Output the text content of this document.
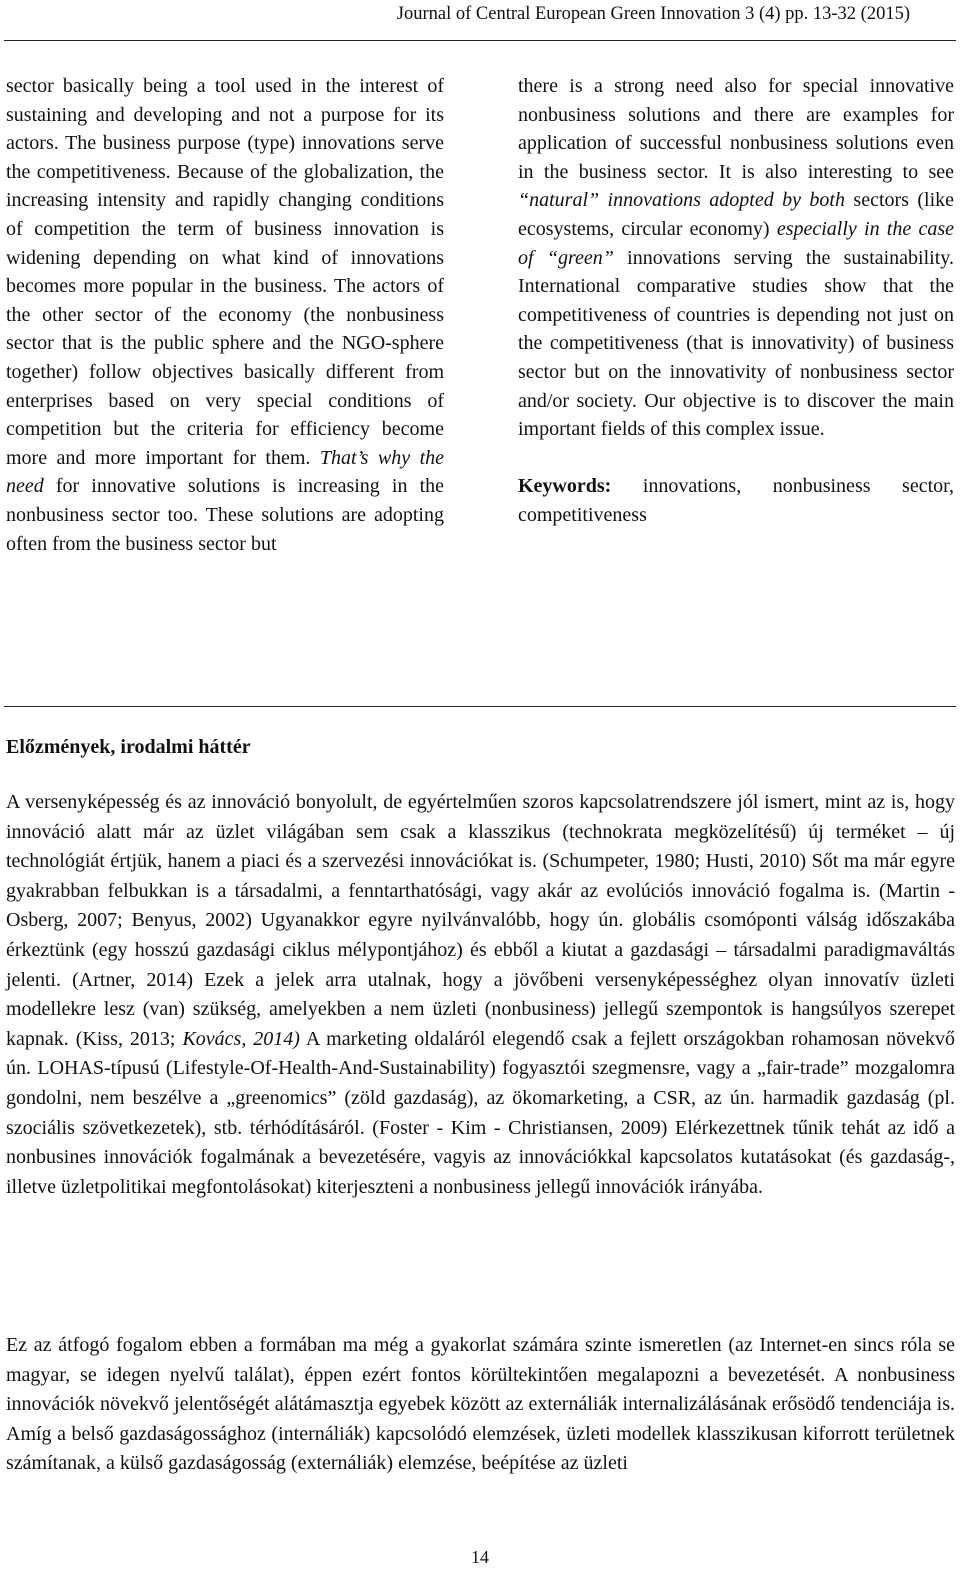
Journal of Central European Green Innovation 3 (4) pp. 13-32 (2015)

sector basically being a tool used in the interest of sustaining and developing and not a purpose for its actors. The business purpose (type) innovations serve the competitiveness. Because of the globalization, the increasing intensity and rapidly changing conditions of competition the term of business innovation is widening depending on what kind of innovations becomes more popular in the business. The actors of the other sector of the economy (the nonbusiness sector that is the public sphere and the NGO-sphere together) follow objectives basically different from enterprises based on very special conditions of competition but the criteria for efficiency become more and more important for them. That’s why the need for innovative solutions is increasing in the nonbusiness sector too. These solutions are adopting often from the business sector but

there is a strong need also for special innovative nonbusiness solutions and there are examples for application of successful nonbusiness solutions even in the business sector. It is also interesting to see “natural” innovations adopted by both sectors (like ecosystems, circular economy) especially in the case of “green” innovations serving the sustainability. International comparative studies show that the competitiveness of countries is depending not just on the competitiveness (that is innovativity) of business sector but on the innovativity of nonbusiness sector and/or society. Our objective is to discover the main important fields of this complex issue.

Keywords: innovations, nonbusiness sector, competitiveness

Előzmények, irodalmi háttér

A versenyképesség és az innováció bonyolult, de egyértelműen szoros kapcsolatrendszere jól ismert, mint az is, hogy innováció alatt már az üzlet világában sem csak a klasszikus (technokrata megközelítésű) új terméket – új technológiát értjük, hanem a piaci és a szervezési innovációkat is. (Schumpeter, 1980; Husti, 2010) Sőt ma már egyre gyakrabban felbukkan is a társadalmi, a fenntarthatósági, vagy akár az evolúciós innováció fogalma is. (Martin - Osberg, 2007; Benyus, 2002) Ugyanakkor egyre nyilvánvalóbb, hogy ún. globális csomóponti válság időszakába érkeztünk (egy hosszú gazdasági ciklus mélypontjához) és ebből a kiutat a gazdasági – társadalmi paradigmaváltás jelenti. (Artner, 2014) Ezek a jelek arra utalnak, hogy a jövőbeni versenyképességhez olyan innovatív üzleti modellekre lesz (van) szükség, amelyekben a nem üzleti (nonbusiness) jellegű szempontok is hangsúlyos szerepet kapnak. (Kiss, 2013; Kovács, 2014) A marketing oldaláról elegendő csak a fejlett országokban rohamosan növekvő ún. LOHAS-típusú (Lifestyle-Of-Health-And-Sustainability) fogyasztói szegmensre, vagy a „fair-trade” mozgalomra gondolni, nem beszélve a „greenomics” (zöld gazdaság), az ökomarketing, a CSR, az ún. harmadik gazdaság (pl. szociális szövetkezetek), stb. térhódításáról. (Foster - Kim - Christiansen, 2009) Elérkezettnek tűnik tehát az idő a nonbusines innovációk fogalmának a bevezetésére, vagyis az innovációkkal kapcsolatos kutatásokat (és gazdaság-, illetve üzletpolitikai megfontolásokat) kiterjeszteni a nonbusiness jellegű innovációk irányába.

Ez az átfogó fogalom ebben a formában ma még a gyakorlat számára szinte ismeretlen (az Internet-en sincs róla se magyar, se idegen nyelvű találat), éppen ezért fontos körültekintően megalapozni a bevezetését. A nonbusiness innovációk növekvő jelentőségét alátámasztja egyebek között az externáliák internalizálásának erősödő tendenciája is. Amíg a belső gazdaságossághoz (internáliák) kapcsolódó elemzések, üzleti modellek klasszikusan kiforrott területnek számítanak, a külső gazdaságosság (externáliák) elemzése, beépítése az üzleti

14
